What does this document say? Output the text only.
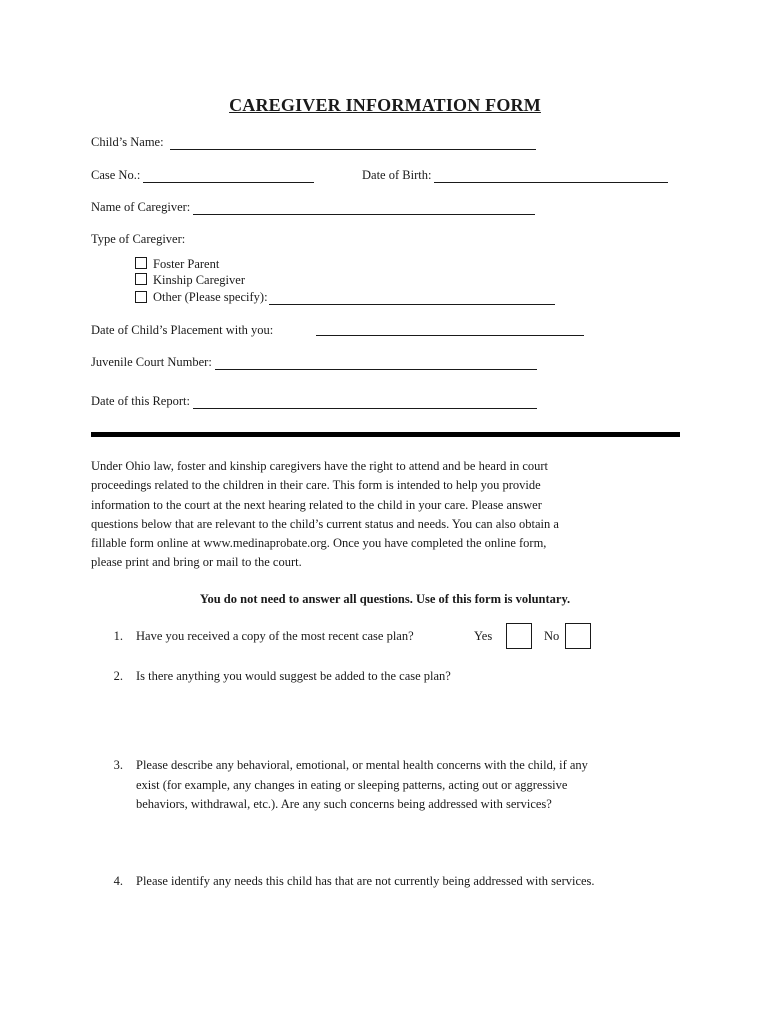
CAREGIVER INFORMATION FORM
Child’s Name:
Case No.:	Date of Birth:
Name of Caregiver:
Type of Caregiver:
Foster Parent
Kinship Caregiver
Other (Please specify):
Date of Child’s Placement with you:
Juvenile Court Number:
Date of this Report:
Under Ohio law, foster and kinship caregivers have the right to attend and be heard in court
proceedings related to the children in their care. This form is intended to help you provide
information to the court at the next hearing related to the child in your care. Please answer
questions below that are relevant to the child’s current status and needs. You can also obtain a
fillable form online at www.medinaprobate.org. Once you have completed the online form,
please print and bring or mail to the court.
You do not need to answer all questions. Use of this form is voluntary.
1. Have you received a copy of the most recent case plan?	Yes	No
2. Is there anything you would suggest be added to the case plan?
3. Please describe any behavioral, emotional, or mental health concerns with the child, if any
exist (for example, any changes in eating or sleeping patterns, acting out or aggressive
behaviors, withdrawal, etc.). Are any such concerns being addressed with services?
4. Please identify any needs this child has that are not currently being addressed with services.
